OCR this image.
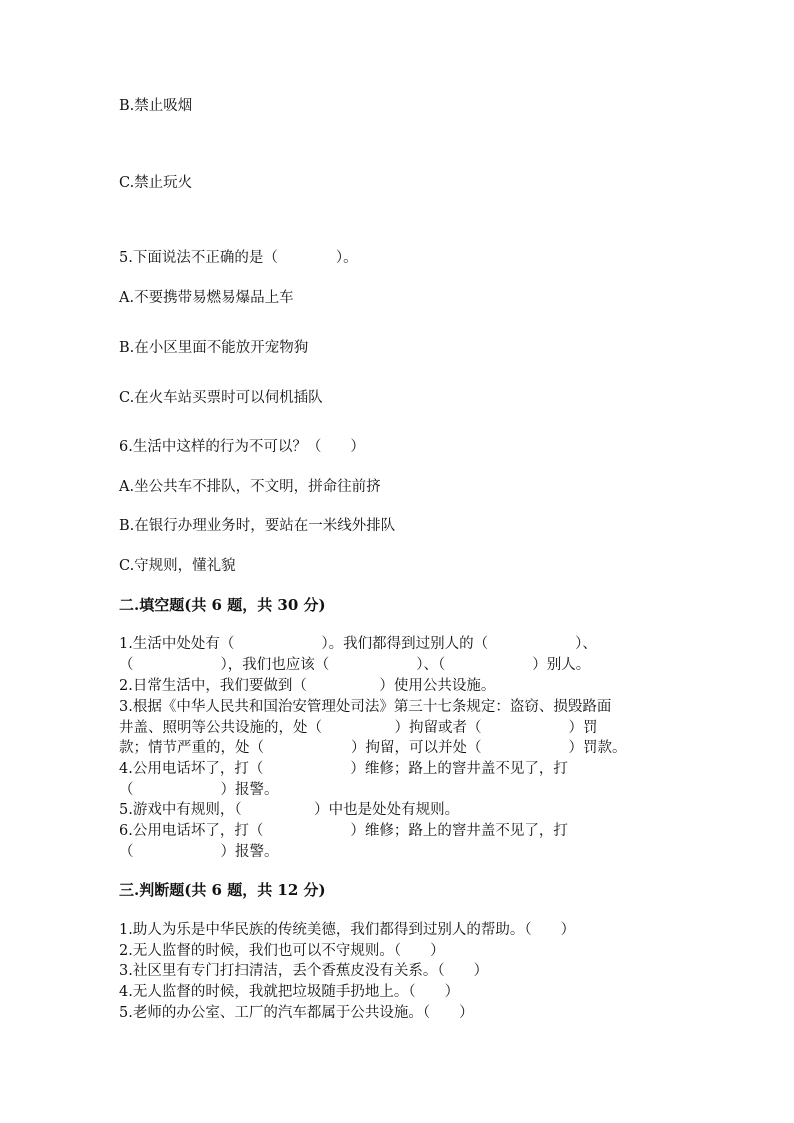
B.禁止吸烟

C.禁止玩火

5.下面说法不正确的是（　　　　）。

A.不要携带易燃易爆品上车

B.在小区里面不能放开宠物狗

C.在火车站买票时可以伺机插队

6.生活中这样的行为不可以？（　　）

A.坐公共车不排队，不文明，拼命往前挤

B.在银行办理业务时，要站在一米线外排队

C.守规则，懂礼貌

二.填空题(共 6 题，共 30 分)

1.生活中处处有（　　　　　　）。我们都得到过别人的（　　　　　　）、

（　　　　　　），我们也应该（　　　　　　）、（　　　　　　）别人。

2.日常生活中，我们要做到（　　　　　）使用公共设施。

3.根据《中华人民共和国治安管理处司法》第三十七条规定：盗窃、损毁路面

井盖、照明等公共设施的，处（　　　　　）拘留或者（　　　　　　）罚

款；情节严重的，处（　　　　　　）拘留，可以并处（　　　　　　）罚款。

4.公用电话坏了，打（　　　　　　）维修；路上的窨井盖不见了，打

（　　　　　　）报警。

5.游戏中有规则，（　　　　　）中也是处处有规则。

6.公用电话坏了，打（　　　　　　）维修；路上的窨井盖不见了，打

（　　　　　　）报警。

三.判断题(共 6 题，共 12 分)

1.助人为乐是中华民族的传统美德，我们都得到过别人的帮助。（　　）

2.无人监督的时候，我们也可以不守规则。（　　）

3.社区里有专门打扫清洁，丢个香蕉皮没有关系。（　　）

4.无人监督的时候，我就把垃圾随手扔地上。（　　）

5.老师的办公室、工厂的汽车都属于公共设施。（　　）
